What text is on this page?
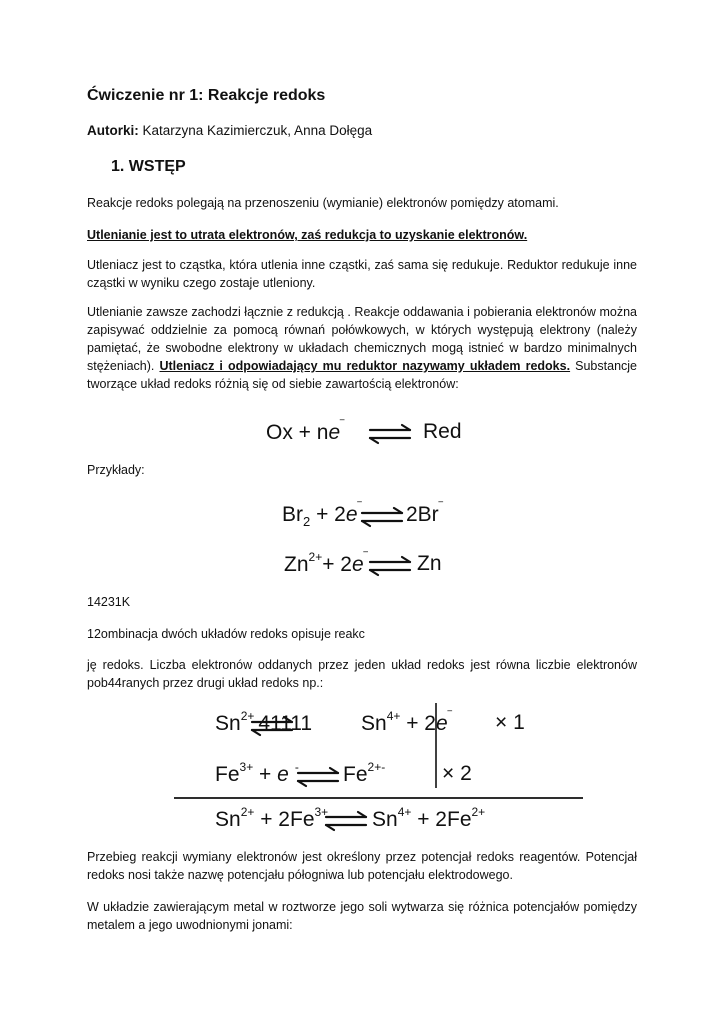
Ćwiczenie nr 1: Reakcje redoks
Autorki: Katarzyna Kazimierczuk, Anna Dołęga
1. WSTĘP
Reakcje redoks polegają na przenoszeniu (wymianie) elektronów pomiędzy atomami.
Utlenianie jest to utrata elektronów, zaś redukcja to uzyskanie elektronów.
Utleniacz jest to cząstka, która utlenia inne cząstki, zaś sama się redukuje. Reduktor redukuje inne cząstki w wyniku czego zostaje utleniony.
Utlenianie zawsze zachodzi łącznie z redukcją . Reakcje oddawania i pobierania elektronów można zapisywać oddzielnie za pomocą równań połówkowych, w których występują elektrony (należy pamiętać, że swobodne elektrony w układach chemicznych mogą istnieć w bardzo minimalnych stężeniach). Utleniacz i odpowiadający mu reduktor nazywamy układem redoks. Substancje tworzące układ redoks różnią się od siebie zawartością elektronów:
Ox + ne‾	Red
Przykłady:
$Br_2 + 2e^‾$ 2Br‾
$Zn^{2+}+ 2e^‾$ Zn
14231K
12ombinacja dwóch układów redoks opisuje reakc
ję redoks. Liczba elektronów oddanych przez jeden układ redoks jest równa liczbie elektronów pob44ranych przez drugi układ redoks np.:
$Sn^{2+}$ 41111 $Sn^{4+} + 2e^‾ \times 1$
$Fe^{3+} + e$ - $Fe^{2+-}$	× 2
$Sn^{2+} + 2Fe^{3+}$ $Sn^{4+} + 2Fe^{2+}$
Przebieg reakcji wymiany elektronów jest określony przez potencjał redoks reagentów. Potencjał redoks nosi także nazwę potencjału półogniwa lub potencjału elektrodowego.
W układzie zawierającym metal w roztworze jego soli wytwarza się różnica potencjałów pomiędzy metalem a jego uwodnionymi jonami:
